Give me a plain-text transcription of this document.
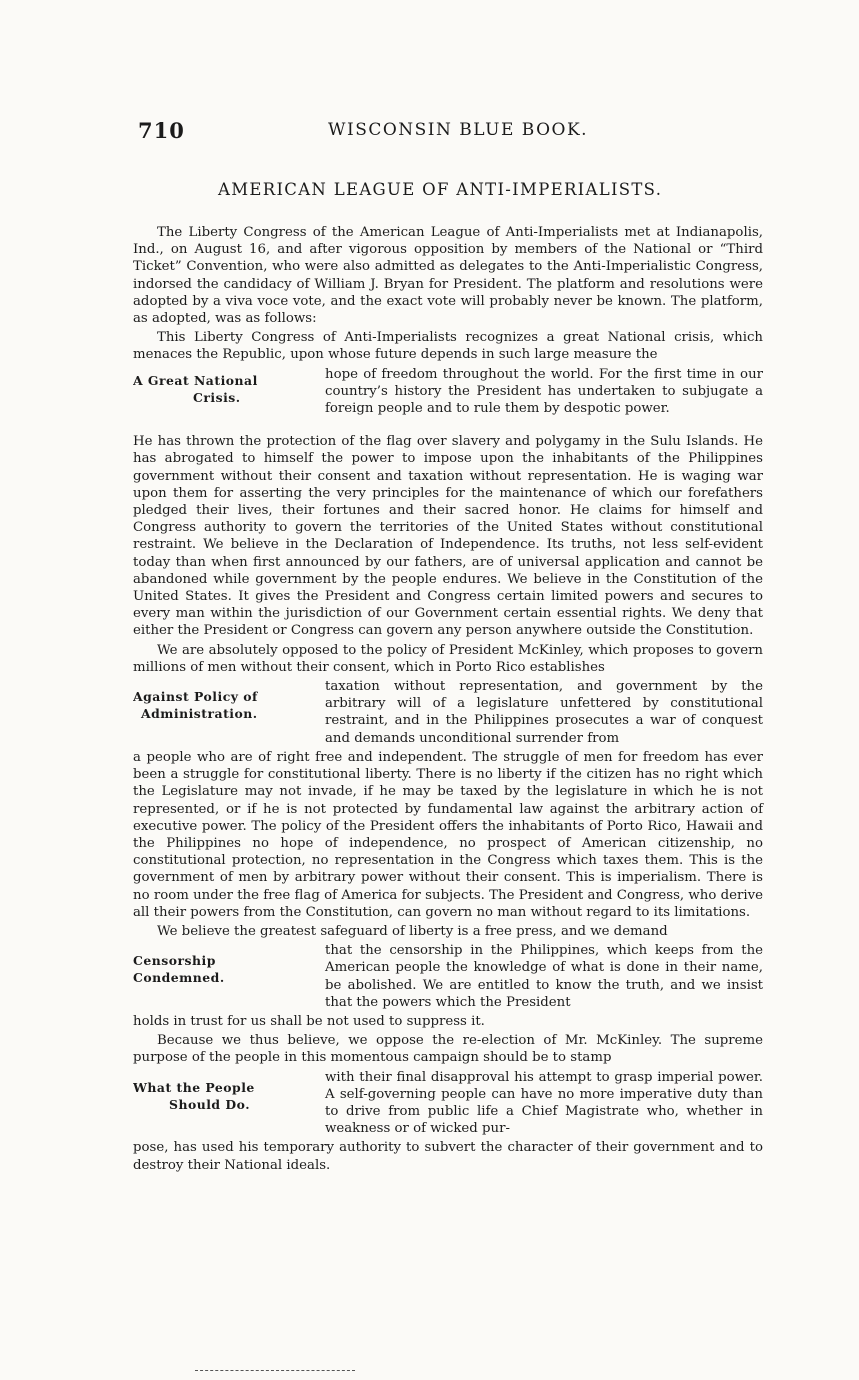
710	WISCONSIN BLUE BOOK.
AMERICAN LEAGUE OF ANTI-IMPERIALISTS.

The Liberty Congress of the American League of Anti-Imperialists met at Indianapolis, Ind., on August 16, and after vigorous opposition by members of the National or “Third Ticket” Convention, who were also admitted as delegates to the Anti-Imperialistic Congress, indorsed the candidacy of William J. Bryan for President. The platform and resolutions were adopted by a viva voce vote, and the exact vote will probably never be known. The platform, as adopted, was as follows:

This Liberty Congress of Anti-Imperialists recognizes a great National crisis, which menaces the Republic, upon whose future depends in such large measure the

A Great National
Crisis.

hope of freedom throughout the world. For the first time in our country’s history the President has undertaken to subjugate a foreign people and to rule them by despotic power.

He has thrown the protection of the flag over slavery and polygamy in the Sulu Islands. He has abrogated to himself the power to impose upon the inhabitants of the Philippines government without their consent and taxation without representation. He is waging war upon them for asserting the very principles for the maintenance of which our forefathers pledged their lives, their fortunes and their sacred honor. He claims for himself and Congress authority to govern the territories of the United States without constitutional restraint. We believe in the Declaration of Independence. Its truths, not less self-evident today than when first announced by our fathers, are of universal application and cannot be abandoned while government by the people endures. We believe in the Constitution of the United States. It gives the President and Congress certain limited powers and secures to every man within the jurisdiction of our Government certain essential rights. We deny that either the President or Congress can govern any person anywhere outside the Constitution.

We are absolutely opposed to the policy of President McKinley, which proposes to govern millions of men without their consent, which in Porto Rico establishes

Against Policy of
Administration.

taxation without representation, and government by the arbitrary will of a legislature unfettered by constitutional restraint, and in the Philippines prosecutes a war of conquest and demands unconditional surrender from

a people who are of right free and independent. The struggle of men for freedom has ever been a struggle for constitutional liberty. There is no liberty if the citizen has no right which the Legislature may not invade, if he may be taxed by the legislature in which he is not represented, or if he is not protected by fundamental law against the arbitrary action of executive power. The policy of the President offers the inhabitants of Porto Rico, Hawaii and the Philippines no hope of independence, no prospect of American citizenship, no constitutional protection, no representation in the Congress which taxes them. This is the government of men by arbitrary power without their consent. This is imperialism. There is no room under the free flag of America for subjects. The President and Congress, who derive all their powers from the Constitution, can govern no man without regard to its limitations.

We believe the greatest safeguard of liberty is a free press, and we demand

Censorship
Condemned.

that the censorship in the Philippines, which keeps from the American people the knowledge of what is done in their name, be abolished. We are entitled to know the truth, and we insist that the powers which the President

holds in trust for us shall be not used to suppress it.

Because we thus believe, we oppose the re-election of Mr. McKinley. The supreme purpose of the people in this momentous campaign should be to stamp

What the People
Should Do.

with their final disapproval his attempt to grasp imperial power. A self-governing people can have no more imperative duty than to drive from public life a Chief Magistrate who, whether in weakness or of wicked pur-

pose, has used his temporary authority to subvert the character of their government and to destroy their National ideals.
